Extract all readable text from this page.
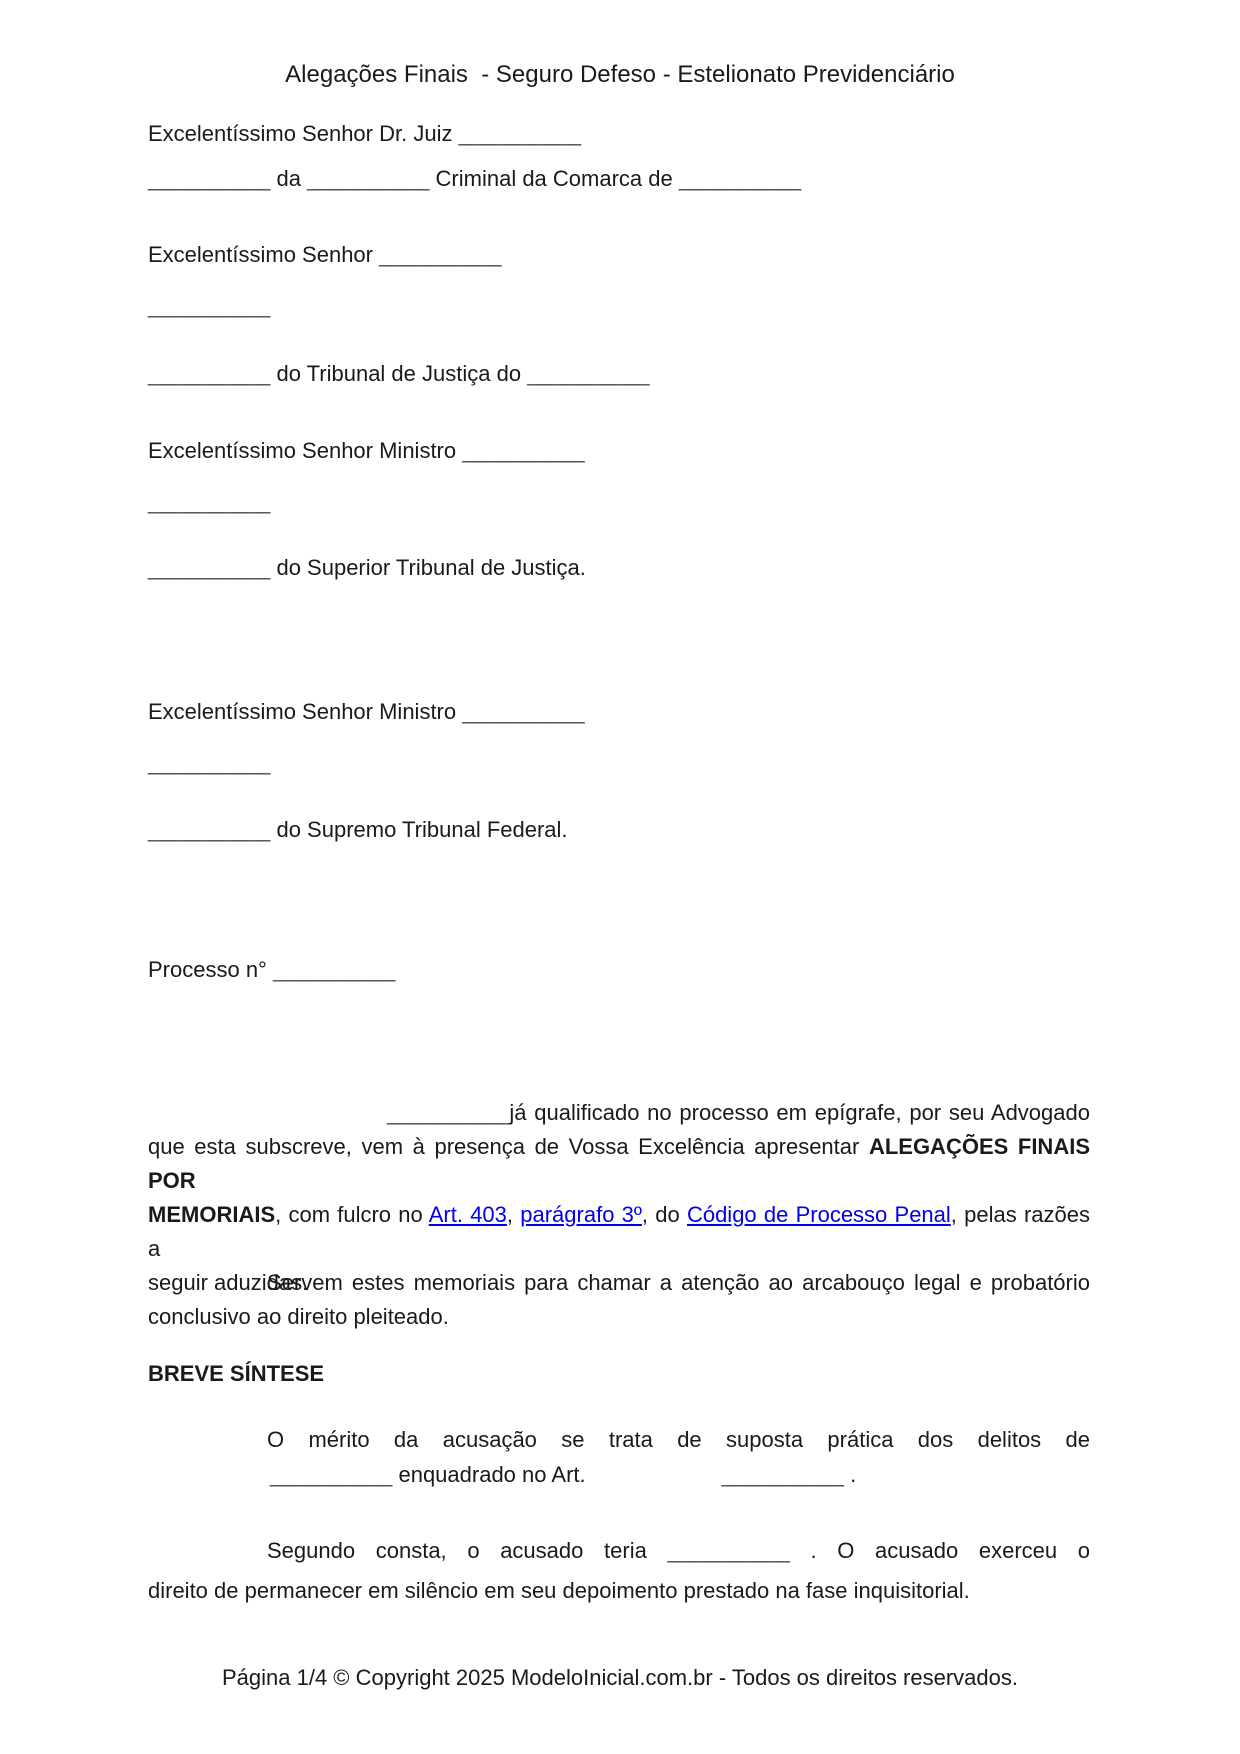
Alegações Finais  - Seguro Defeso - Estelionato Previdenciário
Excelentíssimo Senhor Dr. Juiz __________
__________ da __________ Criminal da Comarca de __________
Excelentíssimo Senhor __________
__________
__________ do Tribunal de Justiça do __________
Excelentíssimo Senhor Ministro __________
__________
__________ do Superior Tribunal de Justiça.
Excelentíssimo Senhor Ministro __________
__________
__________ do Supremo Tribunal Federal.
Processo n° __________
__________já qualificado no processo em epígrafe, por seu Advogado
que esta subscreve, vem à presença de Vossa Excelência apresentar ALEGAÇÕES FINAIS POR
MEMORIAIS, com fulcro no Art. 403, parágrafo 3º, do Código de Processo Penal, pelas razões a
seguir aduzidas.
Servem estes memoriais para chamar a atenção ao arcabouço legal e probatório
conclusivo ao direito pleiteado.
BREVE SÍNTESE
O mérito da acusação se trata de suposta prática dos delitos de
__________ enquadrado no Art.	__________ .
Segundo consta, o acusado teria __________ . O acusado exerceu o
direito de permanecer em silêncio em seu depoimento prestado na fase inquisitorial.
Página 1/4 © Copyright 2025 ModeloInicial.com.br - Todos os direitos reservados.
